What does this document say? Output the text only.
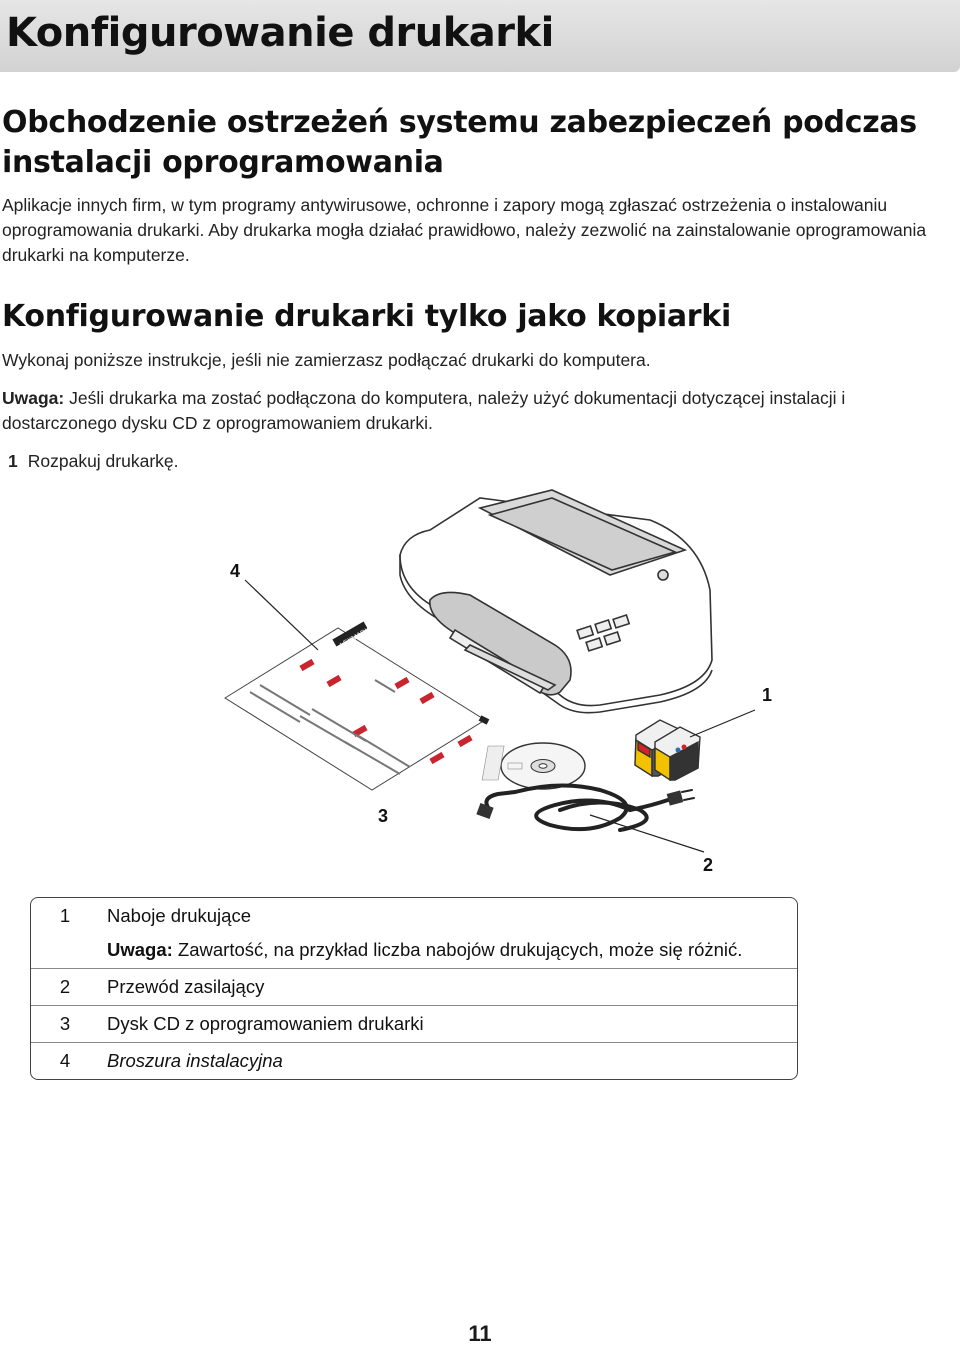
Konfigurowanie drukarki
Obchodzenie ostrzeżeń systemu zabezpieczeń podczas instalacji oprogramowania

Aplikacje innych firm, w tym programy antywirusowe, ochronne i zapory mogą zgłaszać ostrzeżenia o instalowaniu oprogramowania drukarki. Aby drukarka mogła działać prawidłowo, należy zezwolić na zainstalowanie oprogramowania drukarki na komputerze.

Konfigurowanie drukarki tylko jako kopiarki

Wykonaj poniższe instrukcje, jeśli nie zamierzasz podłączać drukarki do komputera.

Uwaga: Jeśli drukarka ma zostać podłączona do komputera, należy użyć dokumentacji dotyczącej instalacji i dostarczonego dysku CD z oprogramowaniem drukarki.

1 Rozpakuj drukarkę.

LEXMARK
4
1
3
2
1	Naboje drukujące
Uwaga: Zawartość, na przykład liczba nabojów drukujących, może się różnić.

2	Przewód zasilający
3	Dysk CD z oprogramowaniem drukarki
4	Broszura instalacyjna
11
